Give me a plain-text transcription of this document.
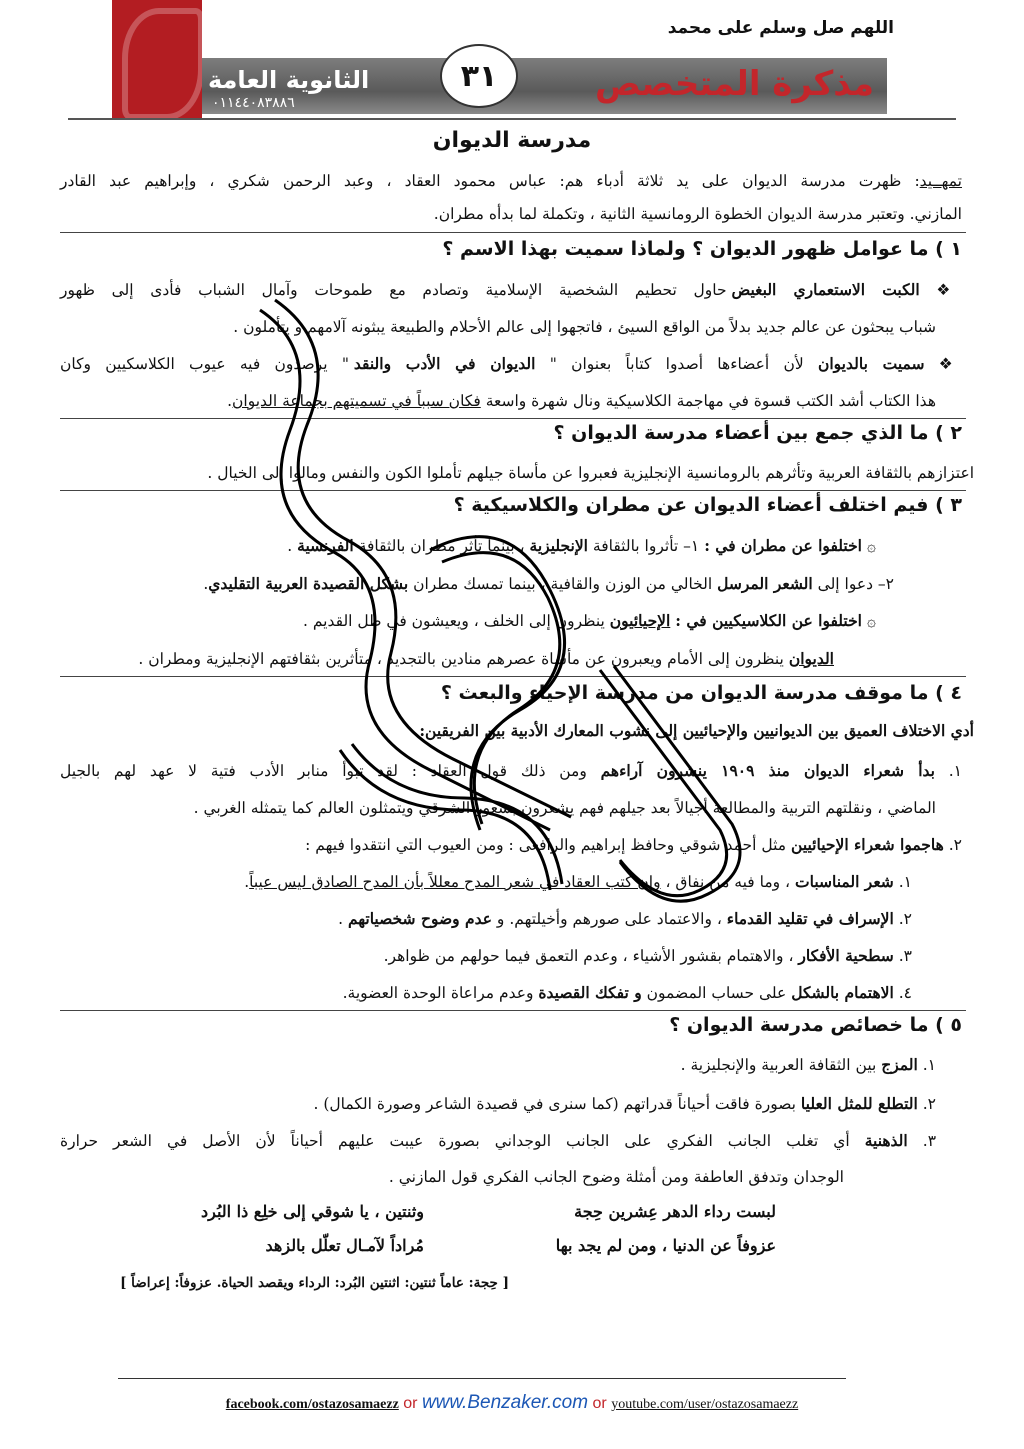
اللهم صل وسلم على محمد
مذكرة المتخصص
الثانوية العامة
٠١١٤٤٠٨٣٨٨٦
٣١
مدرسة الديوان
تمهــيد: ظهرت مدرسة الديوان على يد ثلاثة أدباء هم: عباس محمود العقاد ، وعبد الرحمن شكري ، وإبراهيم عبد القادر
المازني. وتعتبر مدرسة الديوان الخطوة الرومانسية الثانية ، وتكملة لما بدأه مطران.
١ ) ما عوامل ظهور الديوان ؟ ولماذا سميت بهذا الاسم ؟
❖ الكبت الاستعماري البغيض حاول تحطيم الشخصية الإسلامية وتصادم مع طموحات وآمال الشباب فأدى إلى ظهور
شباب يبحثون عن عالم جديد بدلاً من الواقع السيئ ، فاتجهوا إلى عالم الأحلام والطبيعة يبثونه آلامهم و يتأملون .
❖ سميت بالديوان لأن أعضاءها أصدوا كتاباً بعنوان " الديوان في الأدب والنقد " يرصدون فيه عيوب الكلاسكيين وكان
هذا الكتاب أشد الكتب قسوة في مهاجمة الكلاسيكية ونال شهرة واسعة فكان سبباً في تسميتهم بجماعة الديوان.
٢ ) ما الذي جمع بين أعضاء مدرسة الديوان ؟
اعتزازهم بالثقافة العربية وتأثرهم بالرومانسية الإنجليزية فعبروا عن مأساة جيلهم تأملوا الكون والنفس ومالوا إلى الخيال .
٣ ) فيم اختلف أعضاء الديوان عن مطران والكلاسيكية ؟
۞ اختلفوا عن مطران في : ١– تأثروا بالثقافة الإنجليزية ، بينما تأثر مطران بالثقافة الفرنسية .
٢– دعوا إلى الشعر المرسل الخالي من الوزن والقافية ، بينما تمسك مطران بشكل القصيدة العربية التقليدي.
۞ اختلفوا عن الكلاسيكيين في : الإحيائيون ينظرون إلى الخلف ، ويعيشون في ظل القديم .
الديوان ينظرون إلى الأمام ويعبرون عن مأساة عصرهم منادين بالتجديد ، متأثرين بثقافتهم الإنجليزية ومطران .
٤ ) ما موقف مدرسة الديوان من مدرسة الإحياء والبعث ؟
أدي الاختلاف العميق بين الديوانيين والإحيائيين إلى نشوب المعارك الأدبية بين الفريقين:
١. بدأ شعراء الديوان منذ ١٩٠٩ ينشرون آراءهم ومن ذلك قول العقاد : لقد تبوأ منابر الأدب فتية لا عهد لهم بالجيل
الماضي ، ونقلتهم التربية والمطالعة أجيالاً بعد جيلهم فهم يشعرون بشعور الشرقي ويتمثلون العالم كما يتمثله الغربي .
٢. هاجموا شعراء الإحيائيين مثل أحمد شوقي وحافظ إبراهيم والرافعى : ومن العيوب التي انتقدوا فيهم :
١. شعر المناسبات ، وما فيه من نفاق ، وإن كتب العقاد في شعر المدح معللاً بأن المدح الصادق ليس عيباً.
٢. الإسراف في تقليد القدماء ، والاعتماد على صورهم وأخيلتهم. و عدم وضوح شخصياتهم .
٣. سطحية الأفكار ، والاهتمام بقشور الأشياء ، وعدم التعمق فيما حولهم من ظواهر.
٤. الاهتمام بالشكل على حساب المضمون و تفكك القصيدة وعدم مراعاة الوحدة العضوية.
٥ ) ما خصائص مدرسة الديوان ؟
١. المزج بين الثقافة العربية والإنجليزية .
٢. التطلع للمثل العليا بصورة فاقت أحياناً قدراتهم (كما سنرى في قصيدة الشاعر وصورة الكمال) .
٣. الذهنية أي تغلب الجانب الفكري على الجانب الوجداني بصورة عيبت عليهم أحياناً لأن الأصل في الشعر حرارة
الوجدان وتدفق العاطفة ومن أمثلة وضوح الجانب الفكري قول المازني .
لبست رداء الدهر عِشرين حِجة
وثنتين ، يا شوقي إلى خلِع ذا البُرد
عزوفاً عن الدنيا ، ومن لم يجد بها
مُراداً لآمـال تعلّل بالزهد
[ حِجة: عاماً ثنتين: اثنتين البُرد: الرداء ويقصد الحياة. عزوفاً: إعراضاً ]
facebook.com/ostazosamaezz or www.Benzaker.com or youtube.com/user/ostazosamaezz
